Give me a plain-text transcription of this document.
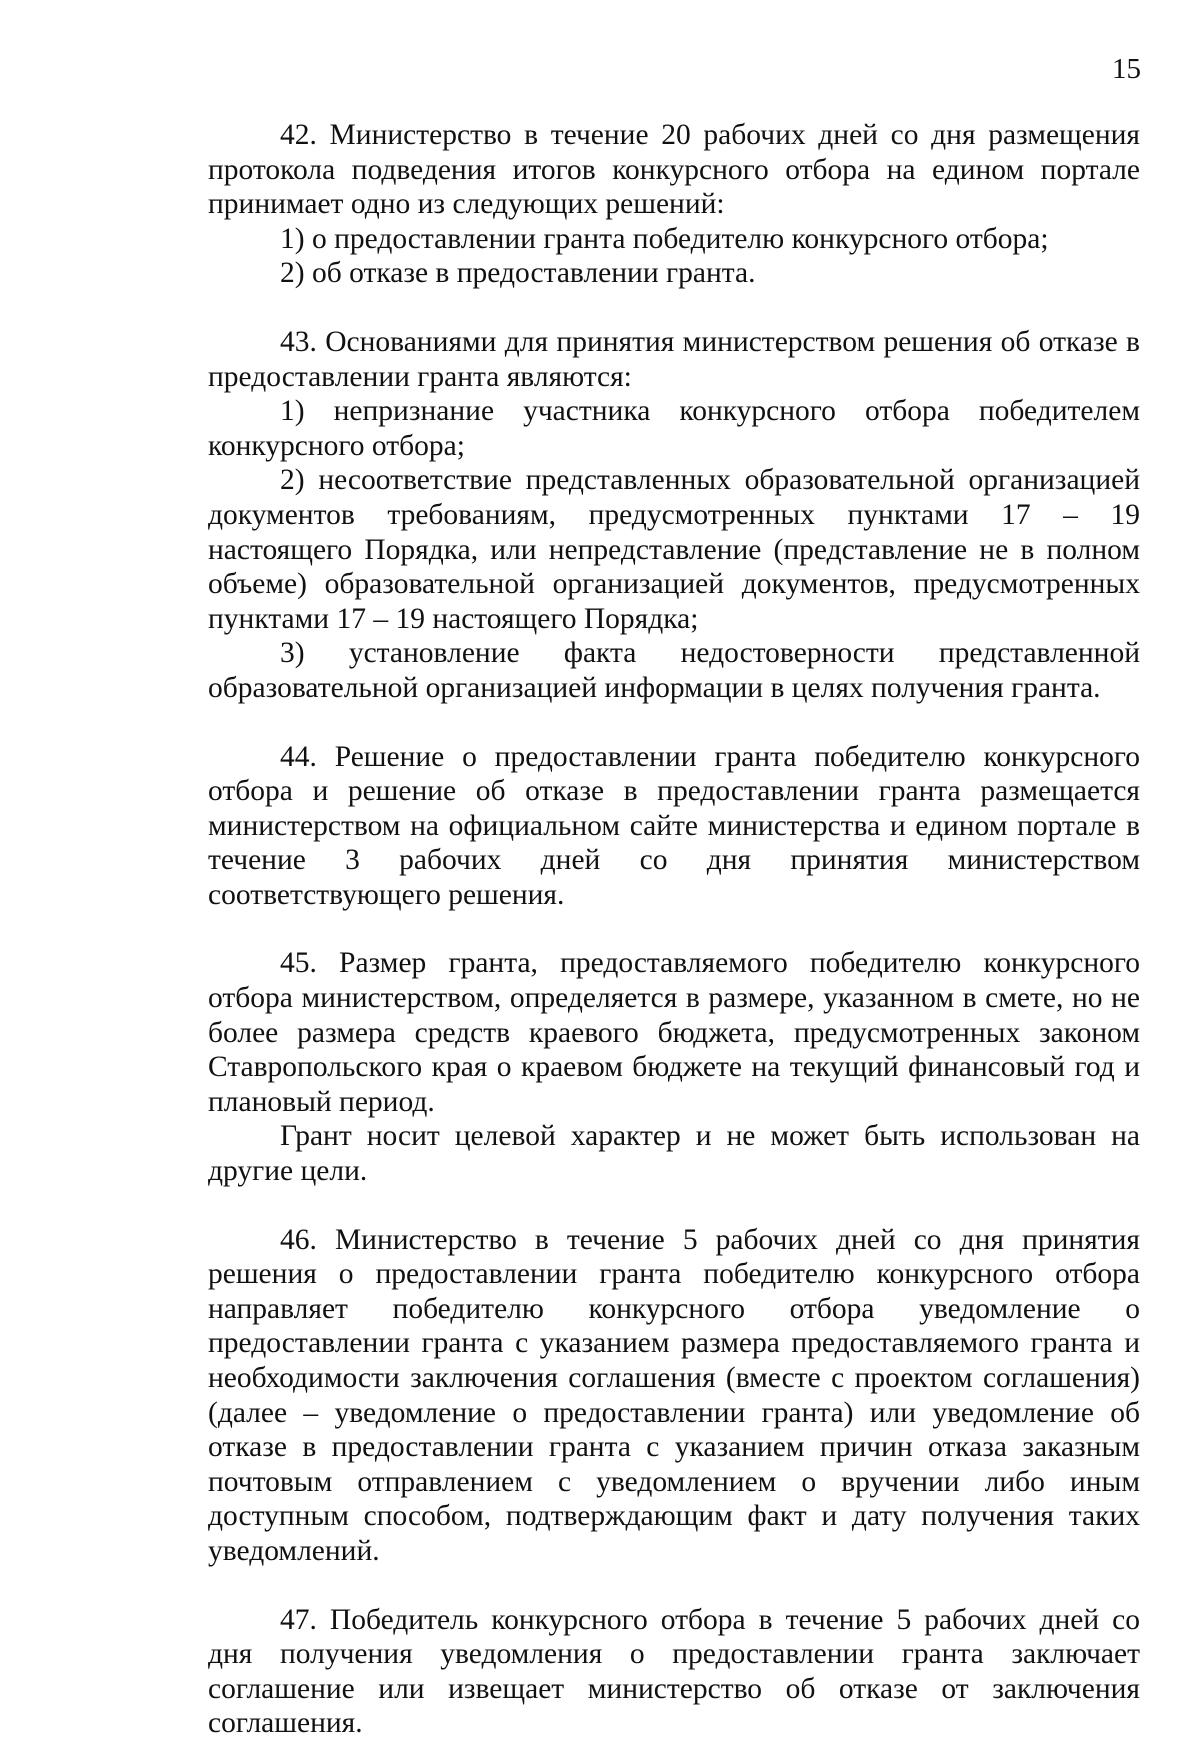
15

42. Министерство в течение 20 рабочих дней со дня размещения протокола подведения итогов конкурсного отбора на едином портале принимает одно из следующих решений:

1) о предоставлении гранта победителю конкурсного отбора;

2) об отказе в предоставлении гранта.

43. Основаниями для принятия министерством решения об отказе в предоставлении гранта являются:

1) непризнание участника конкурсного отбора победителем конкурсного отбора;

2) несоответствие представленных образовательной организацией документов требованиям, предусмотренных пунктами 17 – 19 настоящего Порядка, или непредставление (представление не в полном объеме) образовательной организацией документов, предусмотренных пунктами 17 – 19 настоящего Порядка;

3) установление факта недостоверности представленной образовательной организацией информации в целях получения гранта.

44. Решение о предоставлении гранта победителю конкурсного отбора и решение об отказе в предоставлении гранта размещается министерством на официальном сайте министерства и едином портале в течение 3 рабочих дней со дня принятия министерством соответствующего решения.

45. Размер гранта, предоставляемого победителю конкурсного отбора министерством, определяется в размере, указанном в смете, но не более размера средств краевого бюджета, предусмотренных законом Ставропольского края о краевом бюджете на текущий финансовый год и плановый период.

Грант носит целевой характер и не может быть использован на другие цели.

46. Министерство в течение 5 рабочих дней со дня принятия решения о предоставлении гранта победителю конкурсного отбора направляет победителю конкурсного отбора уведомление о предоставлении гранта с указанием размера предоставляемого гранта и необходимости заключения соглашения (вместе с проектом соглашения) (далее – уведомление о предоставлении гранта) или уведомление об отказе в предоставлении гранта с указанием причин отказа заказным почтовым отправлением с уведомлением о вручении либо иным доступным способом, подтверждающим факт и дату получения таких уведомлений.

47. Победитель конкурсного отбора в течение 5 рабочих дней со дня получения уведомления о предоставлении гранта заключает соглашение или извещает министерство об отказе от заключения соглашения.
